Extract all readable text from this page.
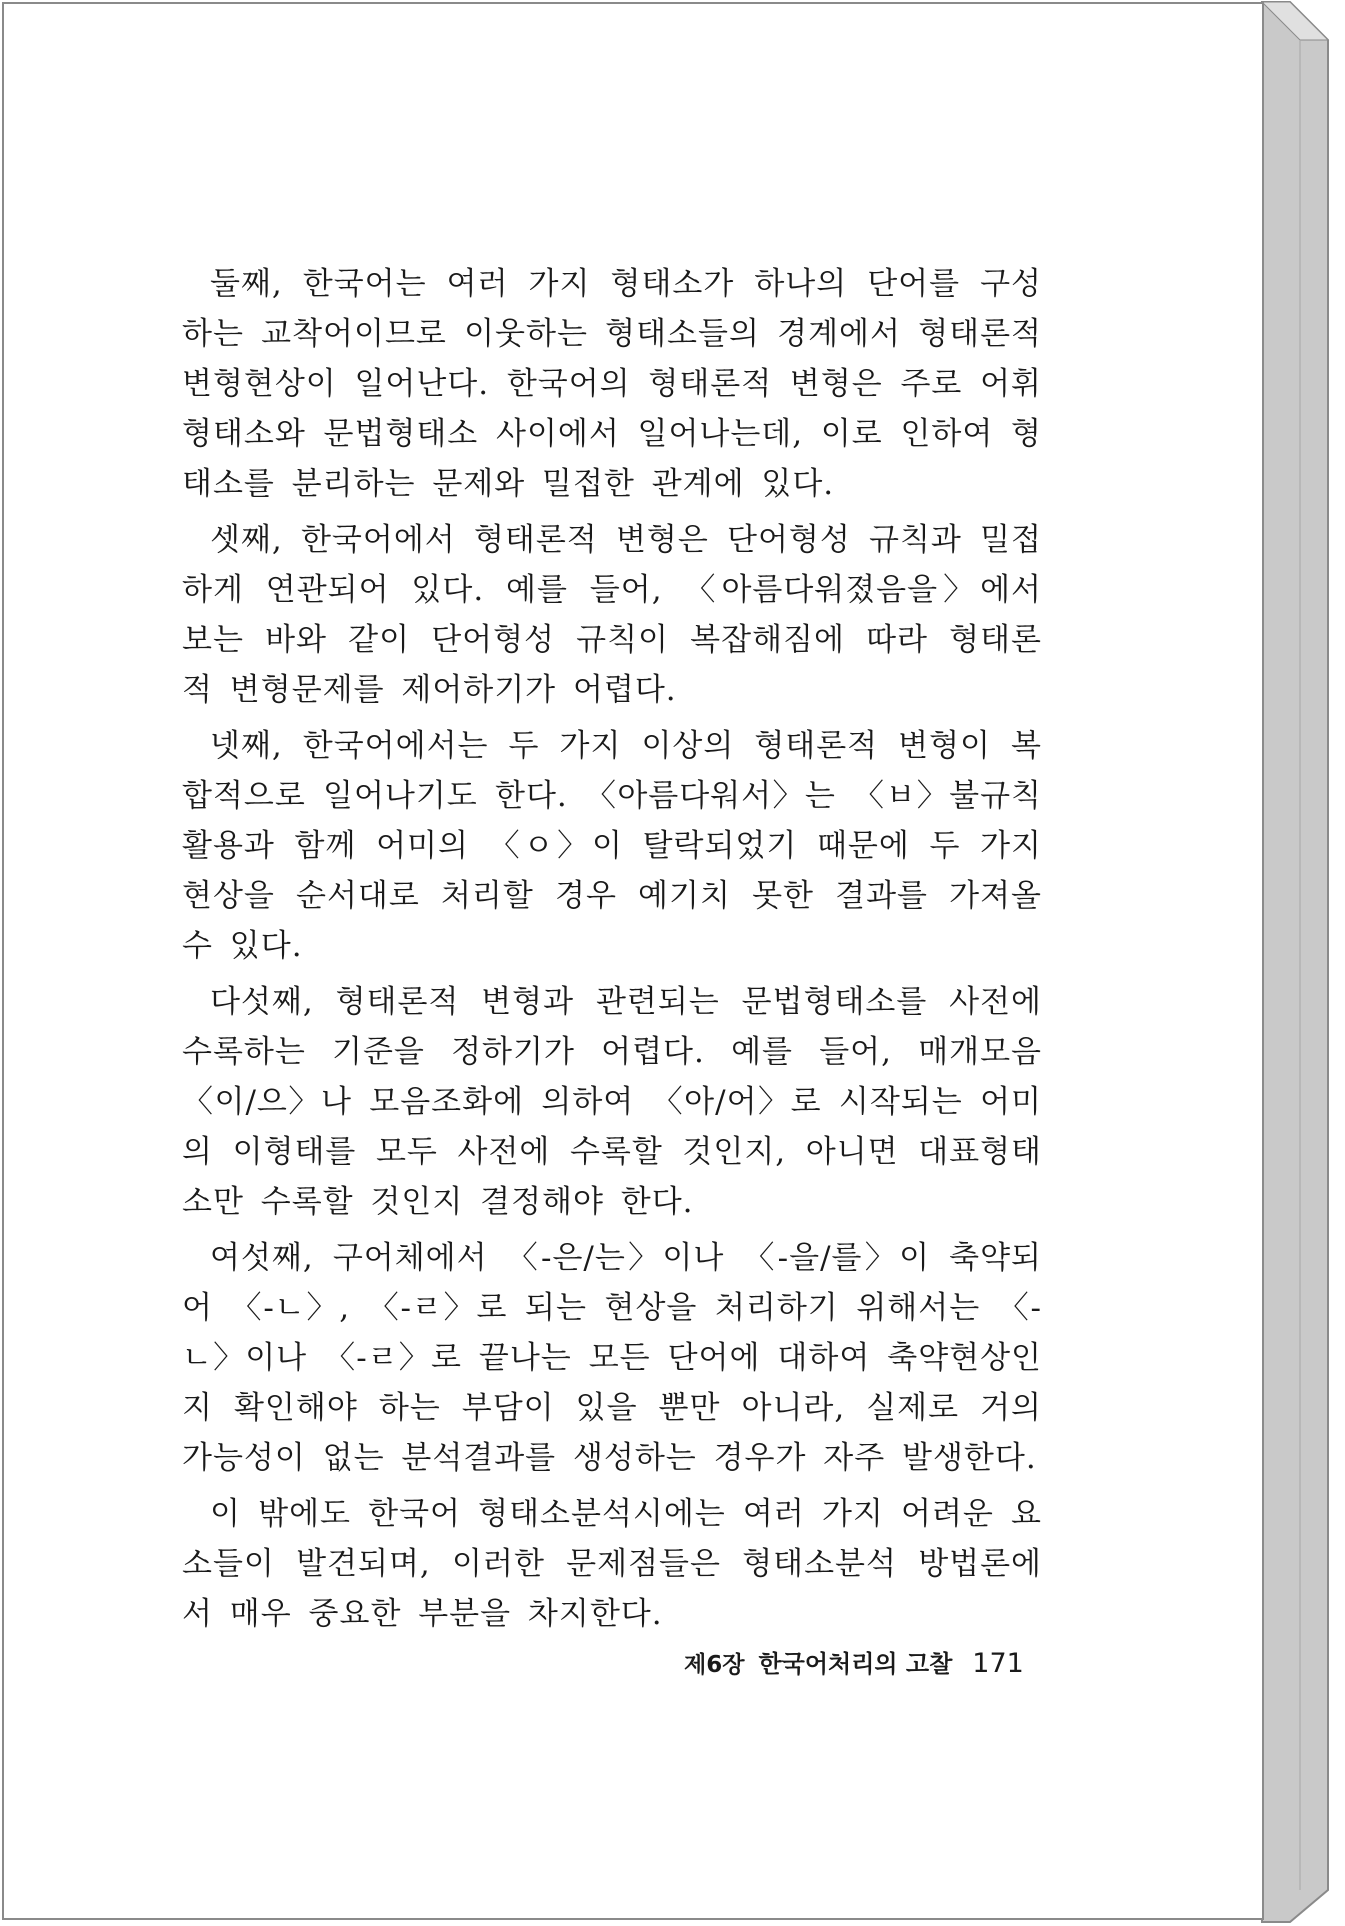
둘째, 한국어는 여러 가지 형태소가 하나의 단어를 구성하는 교착어이므로 이웃하는 형태소들의 경계에서 형태론적 변형현상이 일어난다. 한국어의 형태론적 변형은 주로 어휘형태소와 문법형태소 사이에서 일어나는데, 이로 인하여 형태소를 분리하는 문제와 밀접한 관계에 있다.

셋째, 한국어에서 형태론적 변형은 단어형성 규칙과 밀접하게 연관되어 있다. 예를 들어, 〈아름다워졌음을〉에서 보는 바와 같이 단어형성 규칙이 복잡해짐에 따라 형태론적 변형문제를 제어하기가 어렵다.

넷째, 한국어에서는 두 가지 이상의 형태론적 변형이 복합적으로 일어나기도 한다. 〈아름다워서〉는 〈ㅂ〉불규칙 활용과 함께 어미의 〈ㅇ〉이 탈락되었기 때문에 두 가지 현상을 순서대로 처리할 경우 예기치 못한 결과를 가져올 수 있다.

다섯째, 형태론적 변형과 관련되는 문법형태소를 사전에 수록하는 기준을 정하기가 어렵다. 예를 들어, 매개모음 〈이/으〉나 모음조화에 의하여 〈아/어〉로 시작되는 어미의 이형태를 모두 사전에 수록할 것인지, 아니면 대표형태소만 수록할 것인지 결정해야 한다.

여섯째, 구어체에서 〈-은/는〉이나 〈-을/를〉이 축약되어 〈-ㄴ〉, 〈-ㄹ〉로 되는 현상을 처리하기 위해서는 〈-ㄴ〉이나 〈-ㄹ〉로 끝나는 모든 단어에 대하여 축약현상인지 확인해야 하는 부담이 있을 뿐만 아니라, 실제로 거의 가능성이 없는 분석결과를 생성하는 경우가 자주 발생한다.

이 밖에도 한국어 형태소분석시에는 여러 가지 어려운 요소들이 발견되며, 이러한 문제점들은 형태소분석 방법론에서 매우 중요한 부분을 차지한다.

제6장 한국어처리의 고찰 171
